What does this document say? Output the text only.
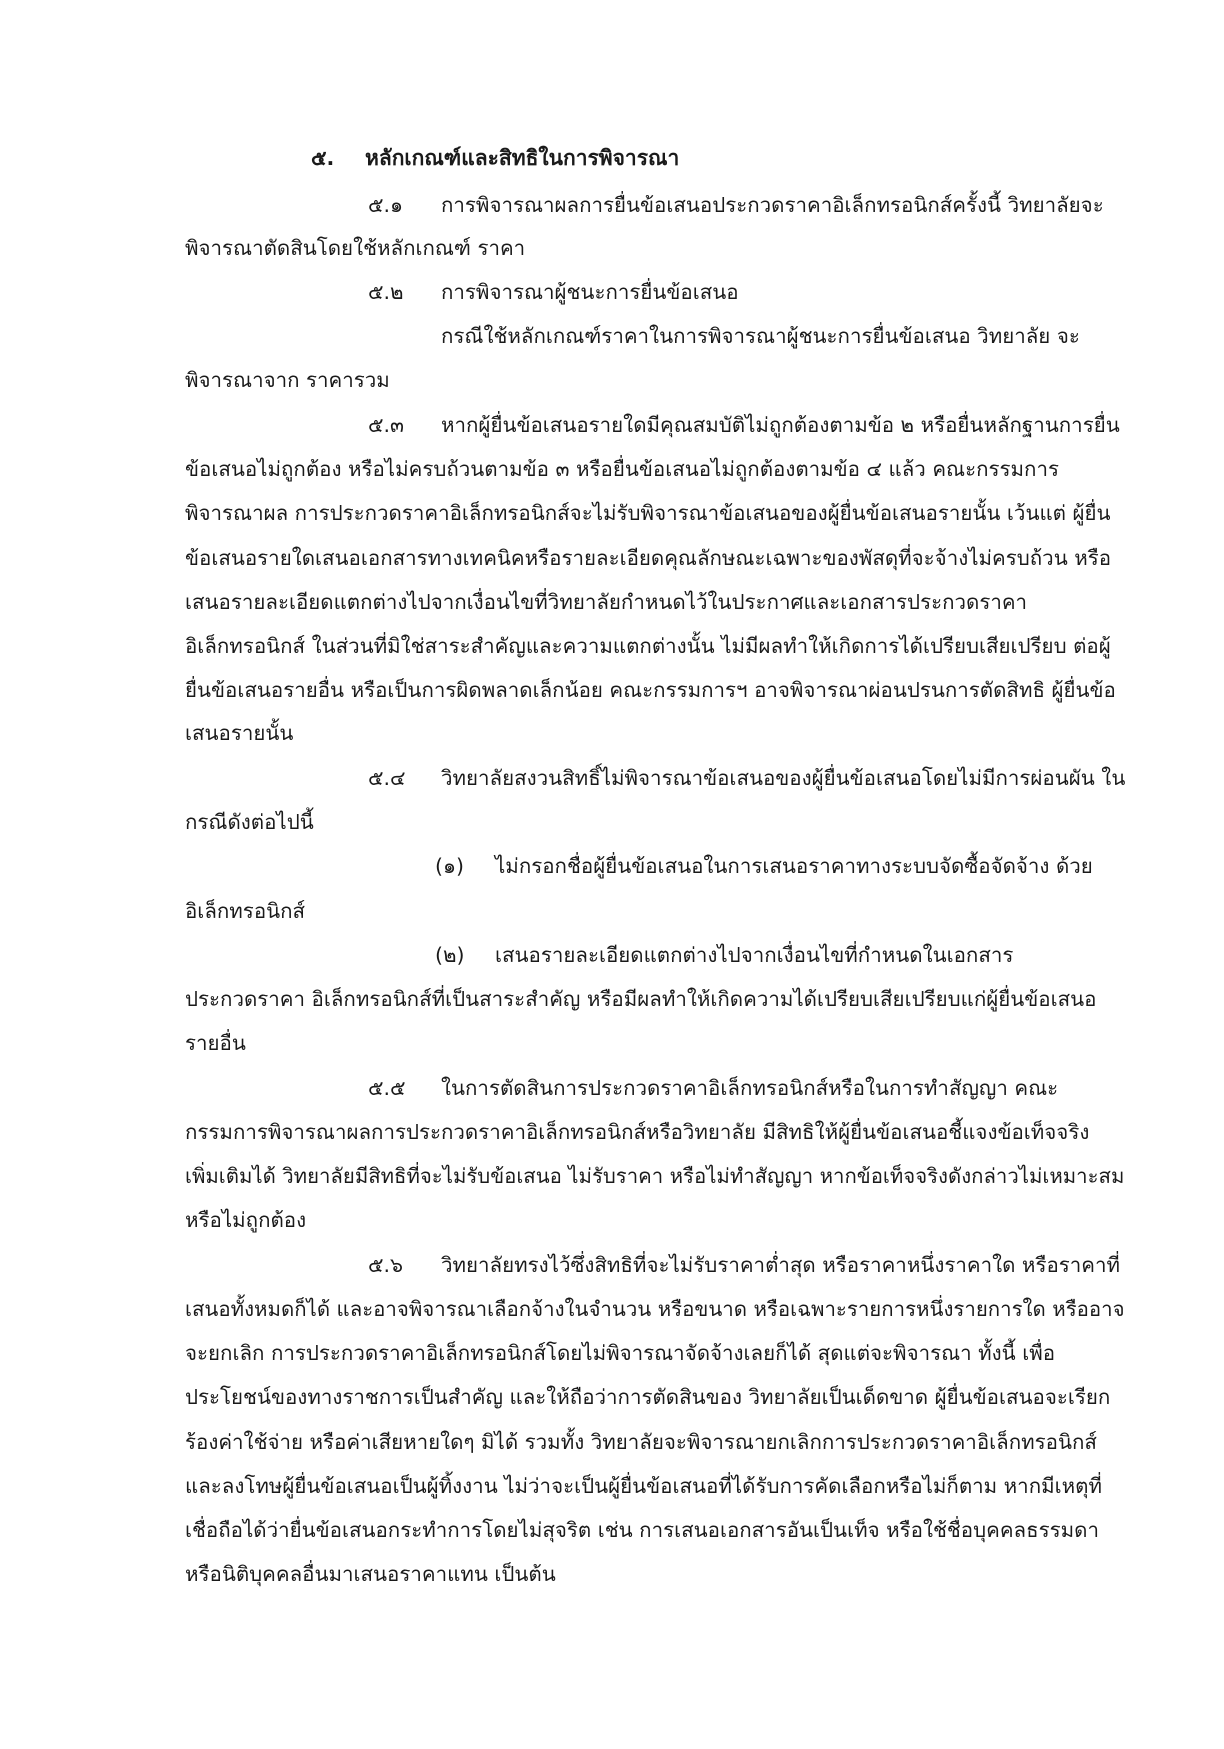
๕. หลักเกณฑ์และสิทธิในการพิจารณา
๕.๑ การพิจารณาผลการยื่นข้อเสนอประกวดราคาอิเล็กทรอนิกส์ครั้งนี้ วิทยาลัยจะ
พิจารณาตัดสินโดยใช้หลักเกณฑ์ ราคา
๕.๒ การพิจารณาผู้ชนะการยื่นข้อเสนอ
กรณีใช้หลักเกณฑ์ราคาในการพิจารณาผู้ชนะการยื่นข้อเสนอ วิทยาลัย จะ
พิจารณาจาก ราคารวม
๕.๓ หากผู้ยื่นข้อเสนอรายใดมีคุณสมบัติไม่ถูกต้องตามข้อ ๒ หรือยื่นหลักฐานการยื่น
ข้อเสนอไม่ถูกต้อง หรือไม่ครบถ้วนตามข้อ ๓ หรือยื่นข้อเสนอไม่ถูกต้องตามข้อ ๔ แล้ว คณะกรรมการ
พิจารณาผล การประกวดราคาอิเล็กทรอนิกส์จะไม่รับพิจารณาข้อเสนอของผู้ยื่นข้อเสนอรายนั้น เว้นแต่ ผู้ยื่น
ข้อเสนอรายใดเสนอเอกสารทางเทคนิคหรือรายละเอียดคุณลักษณะเฉพาะของพัสดุที่จะจ้างไม่ครบถ้วน หรือ
เสนอรายละเอียดแตกต่างไปจากเงื่อนไขที่วิทยาลัยกำหนดไว้ในประกาศและเอกสารประกวดราคา
อิเล็กทรอนิกส์ ในส่วนที่มิใช่สาระสำคัญและความแตกต่างนั้น ไม่มีผลทำให้เกิดการได้เปรียบเสียเปรียบ ต่อผู้
ยื่นข้อเสนอรายอื่น หรือเป็นการผิดพลาดเล็กน้อย คณะกรรมการฯ อาจพิจารณาผ่อนปรนการตัดสิทธิ ผู้ยื่นข้อ
เสนอรายนั้น
๕.๔ วิทยาลัยสงวนสิทธิ์ไม่พิจารณาข้อเสนอของผู้ยื่นข้อเสนอโดยไม่มีการผ่อนผัน ใน
กรณีดังต่อไปนี้
(๑) ไม่กรอกชื่อผู้ยื่นข้อเสนอในการเสนอราคาทางระบบจัดซื้อจัดจ้าง ด้วย
อิเล็กทรอนิกส์
(๒) เสนอรายละเอียดแตกต่างไปจากเงื่อนไขที่กำหนดในเอกสาร
ประกวดราคา อิเล็กทรอนิกส์ที่เป็นสาระสำคัญ หรือมีผลทำให้เกิดความได้เปรียบเสียเปรียบแก่ผู้ยื่นข้อเสนอ
รายอื่น
๕.๕ ในการตัดสินการประกวดราคาอิเล็กทรอนิกส์หรือในการทำสัญญา คณะ
กรรมการพิจารณาผลการประกวดราคาอิเล็กทรอนิกส์หรือวิทยาลัย มีสิทธิให้ผู้ยื่นข้อเสนอชี้แจงข้อเท็จจริง
เพิ่มเติมได้ วิทยาลัยมีสิทธิที่จะไม่รับข้อเสนอ ไม่รับราคา หรือไม่ทำสัญญา หากข้อเท็จจริงดังกล่าวไม่เหมาะสม
หรือไม่ถูกต้อง
๕.๖ วิทยาลัยทรงไว้ซึ่งสิทธิที่จะไม่รับราคาต่ำสุด หรือราคาหนึ่งราคาใด หรือราคาที่
เสนอทั้งหมดก็ได้ และอาจพิจารณาเลือกจ้างในจำนวน หรือขนาด หรือเฉพาะรายการหนึ่งรายการใด หรืออาจ
จะยกเลิก การประกวดราคาอิเล็กทรอนิกส์โดยไม่พิจารณาจัดจ้างเลยก็ได้ สุดแต่จะพิจารณา ทั้งนี้ เพื่อ
ประโยชน์ของทางราชการเป็นสำคัญ และให้ถือว่าการตัดสินของ วิทยาลัยเป็นเด็ดขาด ผู้ยื่นข้อเสนอจะเรียก
ร้องค่าใช้จ่าย หรือค่าเสียหายใดๆ มิได้ รวมทั้ง วิทยาลัยจะพิจารณายกเลิกการประกวดราคาอิเล็กทรอนิกส์
และลงโทษผู้ยื่นข้อเสนอเป็นผู้ทิ้งงาน ไม่ว่าจะเป็นผู้ยื่นข้อเสนอที่ได้รับการคัดเลือกหรือไม่ก็ตาม หากมีเหตุที่
เชื่อถือได้ว่ายื่นข้อเสนอกระทำการโดยไม่สุจริต เช่น การเสนอเอกสารอันเป็นเท็จ หรือใช้ชื่อบุคคลธรรมดา
หรือนิติบุคคลอื่นมาเสนอราคาแทน เป็นต้น
